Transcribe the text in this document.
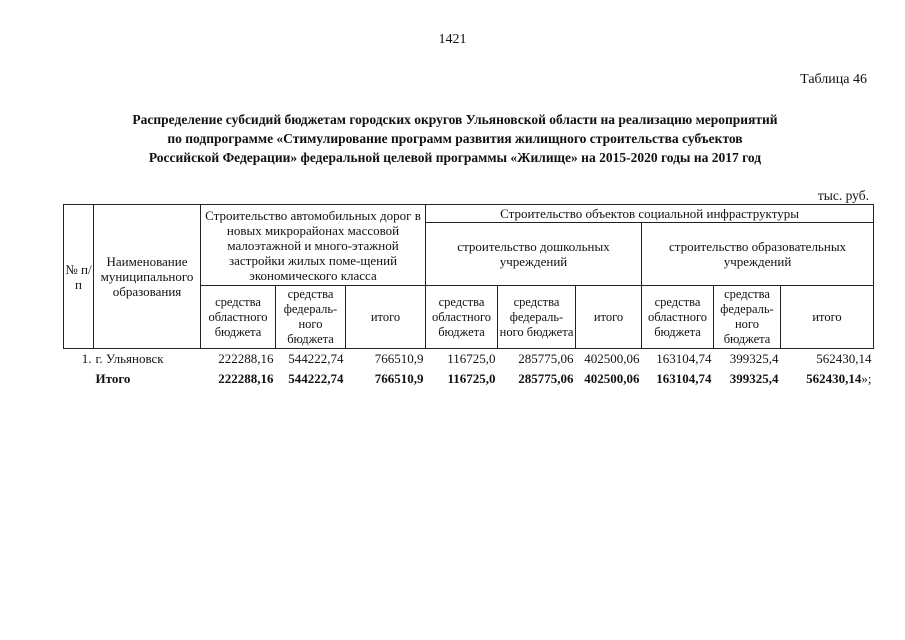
1421
Таблица 46
Распределение субсидий бюджетам городских округов Ульяновской области на реализацию мероприятий
по подпрограмме «Стимулирование программ развития жилищного строительства субъектов
Российской Федерации» федеральной целевой программы «Жилище» на 2015-2020 годы на 2017 год
тыс. руб.
№ п/п	Наименование муниципального образования	Строительство автомобильных дорог в новых микрорайонах массовой малоэтажной и много-этажной застройки жилых поме-щений экономического класса			Строительство объектов социальной инфраструктуры					
					строительство дошкольных учреждений			строительство образовательных учреждений		
		средства областного бюджета	средства федераль-ного бюджета	итого	средства областного бюджета	средства федераль-ного бюджета	итого	средства областного бюджета	средства федераль-ного бюджета	итого
1.	г. Ульяновск	222288,16	544222,74	766510,9	116725,0	285775,06	402500,06	163104,74	399325,4	562430,14
	Итого	222288,16	544222,74	766510,9	116725,0	285775,06	402500,06	163104,74	399325,4	562430,14»;
